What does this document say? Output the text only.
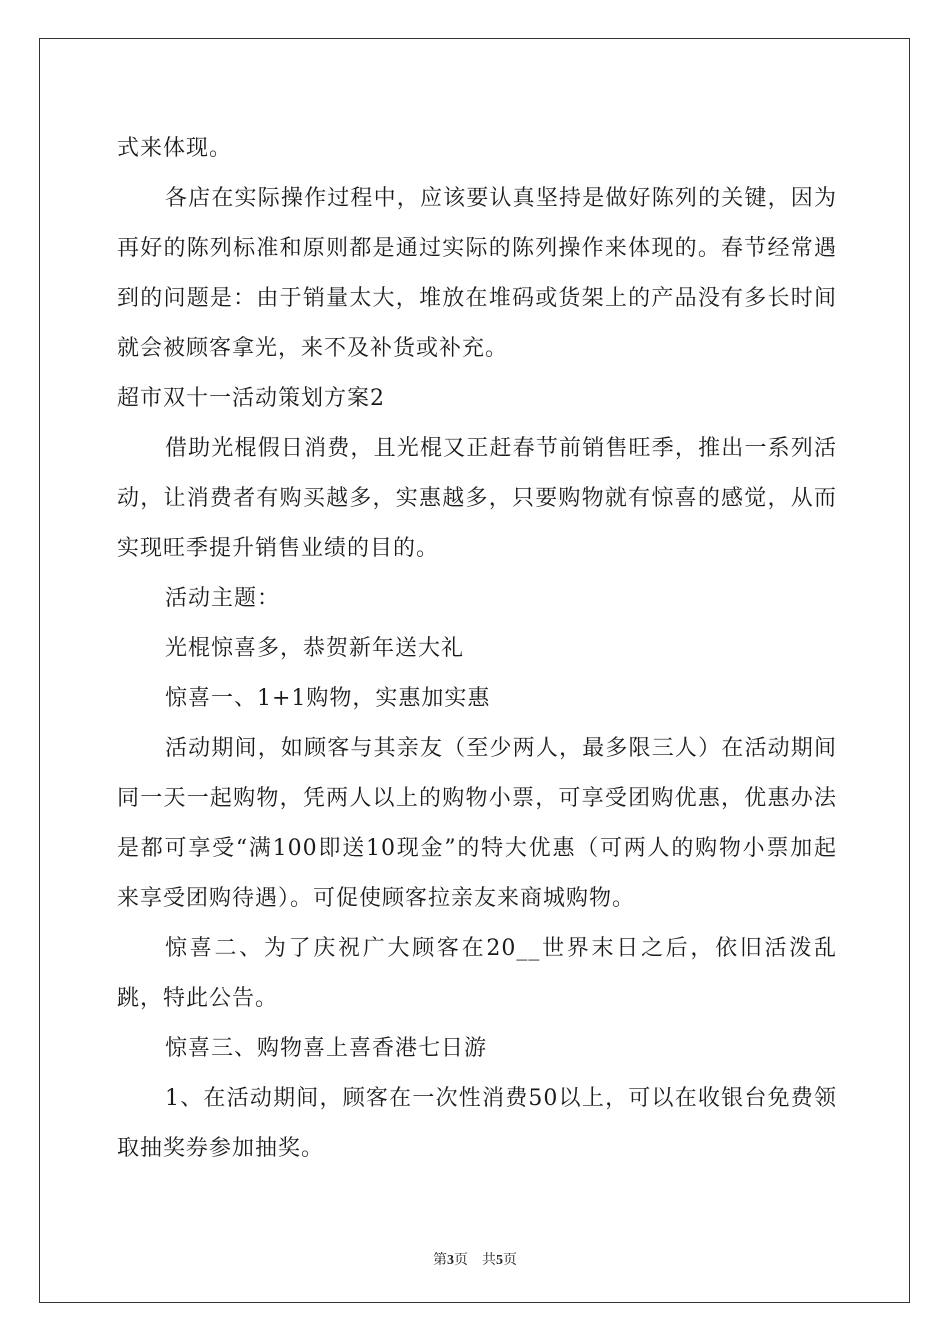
式来体现。

各店在实际操作过程中，应该要认真坚持是做好陈列的关键，因为再好的陈列标准和原则都是通过实际的陈列操作来体现的。春节经常遇到的问题是：由于销量太大，堆放在堆码或货架上的产品没有多长时间就会被顾客拿光，来不及补货或补充。

超市双十一活动策划方案2

借助光棍假日消费，且光棍又正赶春节前销售旺季，推出一系列活动，让消费者有购买越多，实惠越多，只要购物就有惊喜的感觉，从而实现旺季提升销售业绩的目的。

活动主题：

光棍惊喜多，恭贺新年送大礼

惊喜一、1+1购物，实惠加实惠

活动期间，如顾客与其亲友（至少两人，最多限三人）在活动期间同一天一起购物，凭两人以上的购物小票，可享受团购优惠，优惠办法是都可享受“满100即送10现金”的特大优惠（可两人的购物小票加起来享受团购待遇）。可促使顾客拉亲友来商城购物。

惊喜二、为了庆祝广大顾客在20__世界末日之后，依旧活泼乱跳，特此公告。

惊喜三、购物喜上喜香港七日游

1、在活动期间，顾客在一次性消费50以上，可以在收银台免费领取抽奖券参加抽奖。

第3页　共5页
